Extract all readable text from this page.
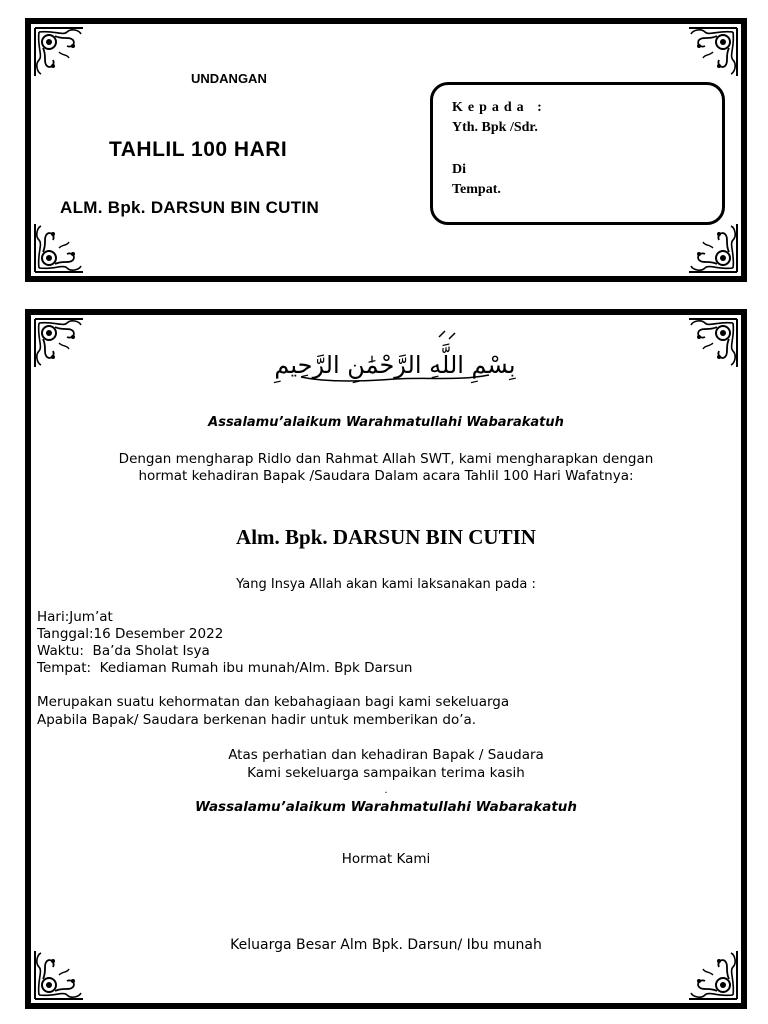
UNDANGAN
TAHLIL 100 HARI
ALM. Bpk. DARSUN BIN CUTIN
Kepada :
Yth. Bpk /Sdr.
Di
Tempat.
بِسْمِ اللَّهِ الرَّحْمَٰنِ الرَّحِيمِ
Assalamu’alaikum Warahmatullahi Wabarakatuh
Dengan mengharap Ridlo dan Rahmat Allah SWT, kami mengharapkan dengan hormat kehadiran Bapak /Saudara Dalam acara Tahlil 100 Hari Wafatnya:
Alm. Bpk. DARSUN BIN CUTIN
Yang Insya Allah akan kami laksanakan pada :
Hari:Jum’at
Tanggal:16 Desember 2022
Waktu:  Ba’da Sholat Isya
Tempat:  Kediaman Rumah ibu munah/Alm. Bpk Darsun
Merupakan suatu kehormatan dan kebahagiaan bagi kami sekeluarga
Apabila Bapak/ Saudara berkenan hadir untuk memberikan do’a.
Atas perhatian dan kehadiran Bapak / Saudara
Kami sekeluarga sampaikan terima kasih
.
Wassalamu’alaikum Warahmatullahi Wabarakatuh
Hormat Kami
Keluarga Besar Alm Bpk. Darsun/ Ibu munah
